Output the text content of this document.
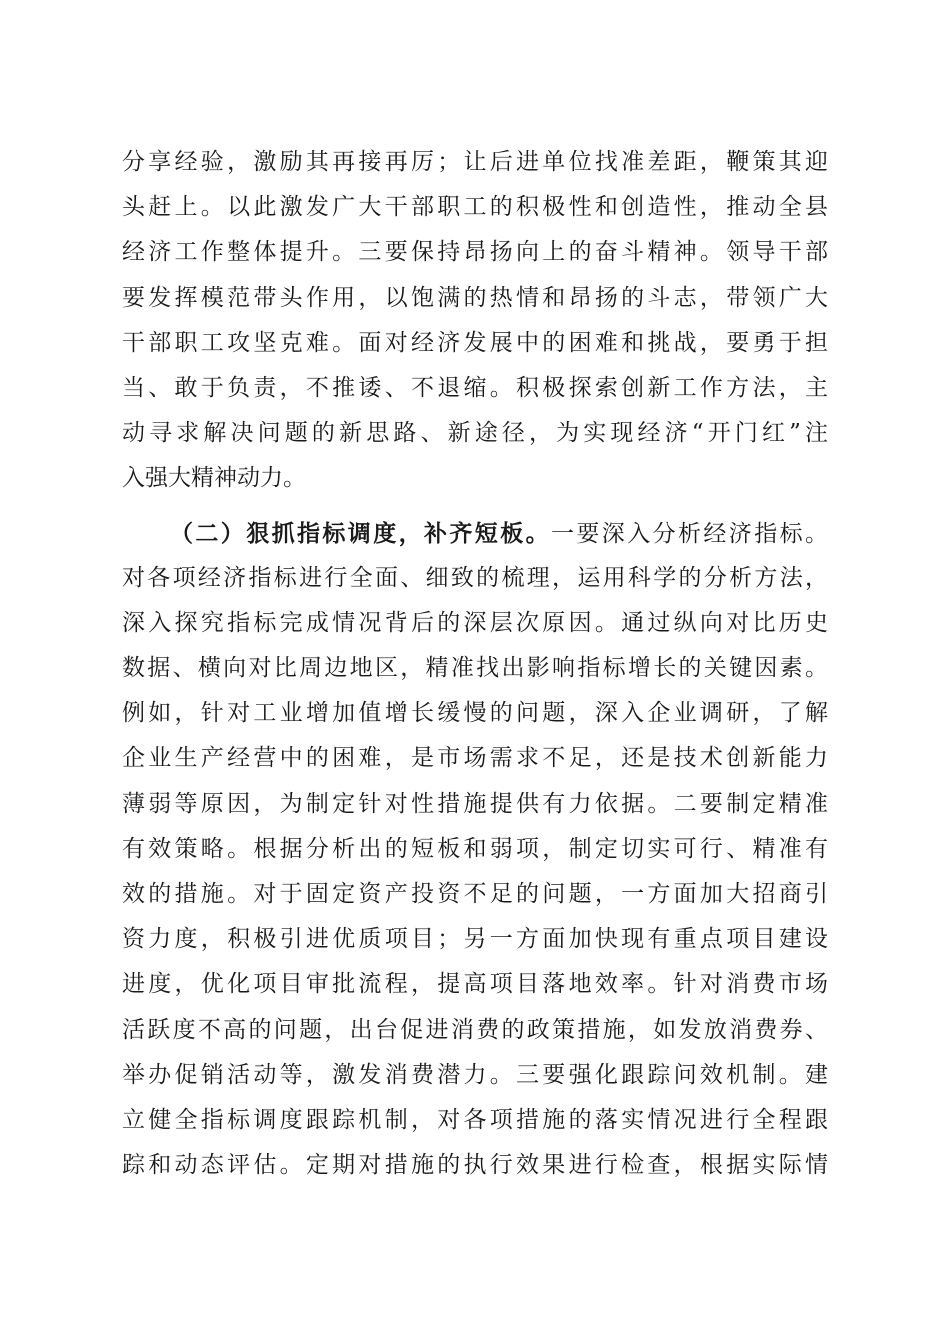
分享经验，激励其再接再厉；让后进单位找准差距，鞭策其迎
头赶上。以此激发广大干部职工的积极性和创造性，推动全县
经济工作整体提升。三要保持昂扬向上的奋斗精神。领导干部
要发挥模范带头作用，以饱满的热情和昂扬的斗志，带领广大
干部职工攻坚克难。面对经济发展中的困难和挑战，要勇于担
当、敢于负责，不推诿、不退缩。积极探索创新工作方法，主
动寻求解决问题的新思路、新途径，为实现经济“开门红”注
入强大精神动力。
（二）狠抓指标调度，补齐短板。一要深入分析经济指标。
对各项经济指标进行全面、细致的梳理，运用科学的分析方法，
深入探究指标完成情况背后的深层次原因。通过纵向对比历史
数据、横向对比周边地区，精准找出影响指标增长的关键因素。
例如，针对工业增加值增长缓慢的问题，深入企业调研，了解
企业生产经营中的困难，是市场需求不足，还是技术创新能力
薄弱等原因，为制定针对性措施提供有力依据。二要制定精准
有效策略。根据分析出的短板和弱项，制定切实可行、精准有
效的措施。对于固定资产投资不足的问题，一方面加大招商引
资力度，积极引进优质项目；另一方面加快现有重点项目建设
进度，优化项目审批流程，提高项目落地效率。针对消费市场
活跃度不高的问题，出台促进消费的政策措施，如发放消费券、
举办促销活动等，激发消费潜力。三要强化跟踪问效机制。建
立健全指标调度跟踪机制，对各项措施的落实情况进行全程跟
踪和动态评估。定期对措施的执行效果进行检查，根据实际情
